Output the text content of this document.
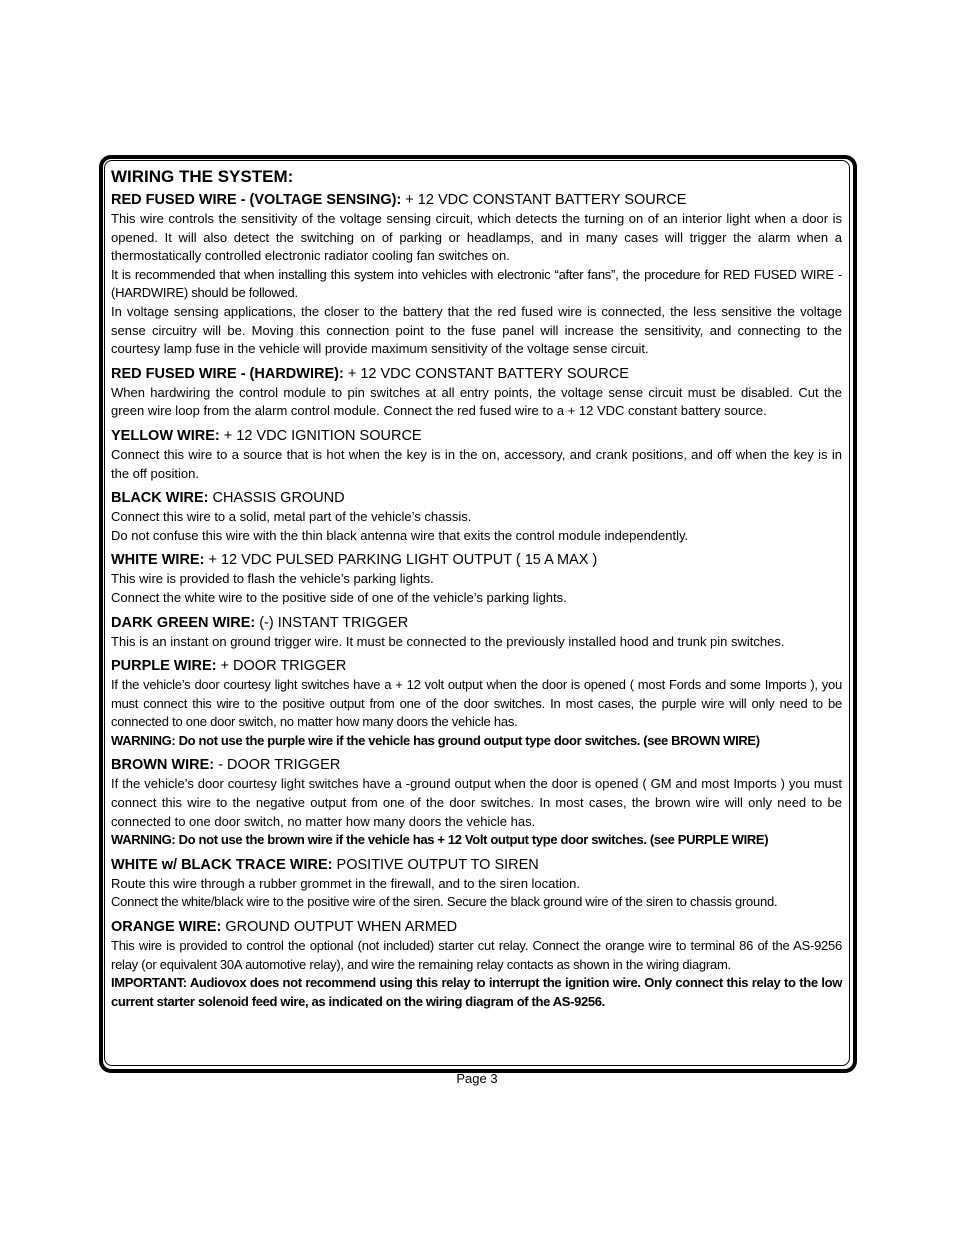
WIRING THE SYSTEM:
RED FUSED WIRE - (VOLTAGE SENSING): + 12 VDC CONSTANT BATTERY SOURCE

This wire controls the sensitivity of the voltage sensing circuit, which detects the turning on of an interior light when a door is opened. It will also detect the switching on of parking or headlamps, and in many cases will trigger the alarm when a thermostatically controlled electronic radiator cooling fan switches on.

It is recommended that when installing this system into vehicles with electronic “after fans”, the procedure for RED FUSED WIRE - (HARDWIRE) should be followed.

In voltage sensing applications, the closer to the battery that the red fused wire is connected, the less sensitive the voltage sense circuitry will be. Moving this connection point to the fuse panel will increase the sensitivity, and connecting to the courtesy lamp fuse in the vehicle will provide maximum sensitivity of the voltage sense circuit.

RED FUSED WIRE - (HARDWIRE): + 12 VDC CONSTANT BATTERY SOURCE

When hardwiring the control module to pin switches at all entry points, the voltage sense circuit must be disabled. Cut the green wire loop from the alarm control module. Connect the red fused wire to a + 12 VDC constant battery source.

YELLOW WIRE: + 12 VDC IGNITION SOURCE

Connect this wire to a source that is hot when the key is in the on, accessory, and crank positions, and off when the key is in the off position.

BLACK WIRE: CHASSIS GROUND

Connect this wire to a solid, metal part of the vehicle’s chassis.

Do not confuse this wire with the thin black antenna wire that exits the control module independently.

WHITE WIRE: + 12 VDC PULSED PARKING LIGHT OUTPUT ( 15 A MAX )

This wire is provided to flash the vehicle’s parking lights.

Connect the white wire to the positive side of one of the vehicle’s parking lights.

DARK GREEN WIRE: (-) INSTANT TRIGGER

This is an instant on ground trigger wire. It must be connected to the previously installed hood and trunk pin switches.

PURPLE WIRE: + DOOR TRIGGER

If the vehicle’s door courtesy light switches have a + 12 volt output when the door is opened ( most Fords and some Imports ), you must connect this wire to the positive output from one of the door switches. In most cases, the purple wire will only need to be connected to one door switch, no matter how many doors the vehicle has.

WARNING: Do not use the purple wire if the vehicle has ground output type door switches. (see BROWN WIRE)

BROWN WIRE: - DOOR TRIGGER

If the vehicle’s door courtesy light switches have a -ground output when the door is opened ( GM and most Imports ) you must connect this wire to the negative output from one of the door switches. In most cases, the brown wire will only need to be connected to one door switch, no matter how many doors the vehicle has.

WARNING: Do not use the brown wire if the vehicle has + 12 Volt output type door switches. (see PURPLE WIRE)

WHITE w/ BLACK TRACE WIRE: POSITIVE OUTPUT TO SIREN

Route this wire through a rubber grommet in the firewall, and to the siren location.

Connect the white/black wire to the positive wire of the siren. Secure the black ground wire of the siren to chassis ground.

ORANGE WIRE: GROUND OUTPUT WHEN ARMED

This wire is provided to control the optional (not included) starter cut relay. Connect the orange wire to terminal 86 of the AS-9256 relay (or equivalent 30A automotive relay), and wire the remaining relay contacts as shown in the wiring diagram.

IMPORTANT: Audiovox does not recommend using this relay to interrupt the ignition wire. Only connect this relay to the low current starter solenoid feed wire, as indicated on the wiring diagram of the AS-9256.

Page 3
